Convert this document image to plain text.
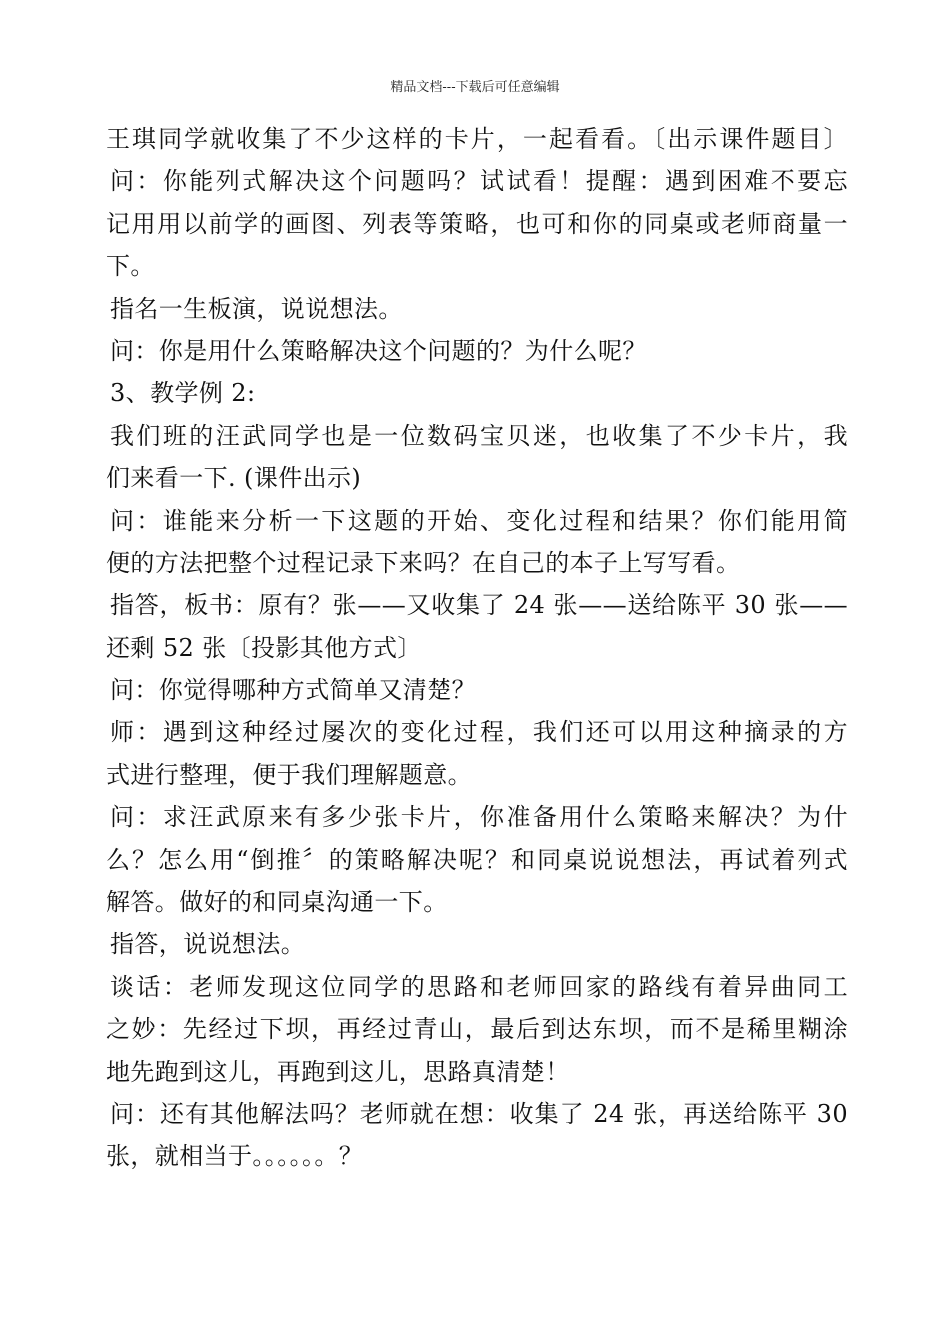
精品文档---下载后可任意编辑
王琪同学就收集了不少这样的卡片，一起看看。〔出示课件题目〕
问：你能列式解决这个问题吗？试试看！提醒：遇到困难不要忘
记用用以前学的画图、列表等策略，也可和你的同桌或老师商量一
下。
指名一生板演，说说想法。
问：你是用什么策略解决这个问题的？为什么呢？
3、教学例 2:
我们班的汪武同学也是一位数码宝贝迷，也收集了不少卡片，我
们来看一下. (课件出示)
问：谁能来分析一下这题的开始、变化过程和结果？你们能用简
便的方法把整个过程记录下来吗？在自己的本子上写写看。
指答，板书：原有？张——又收集了 24 张——送给陈平 30 张——
还剩 52 张〔投影其他方式〕
问：你觉得哪种方式简单又清楚？
师：遇到这种经过屡次的变化过程，我们还可以用这种摘录的方
式进行整理，便于我们理解题意。
问：求汪武原来有多少张卡片，你准备用什么策略来解决？为什
么？怎么用“倒推〞的策略解决呢？和同桌说说想法，再试着列式
解答。做好的和同桌沟通一下。
指答，说说想法。
谈话：老师发现这位同学的思路和老师回家的路线有着异曲同工
之妙：先经过下坝，再经过青山，最后到达东坝，而不是稀里糊涂
地先跑到这儿，再跑到这儿，思路真清楚！
问：还有其他解法吗？老师就在想：收集了 24 张，再送给陈平 30
张，就相当于。。。。。。？
